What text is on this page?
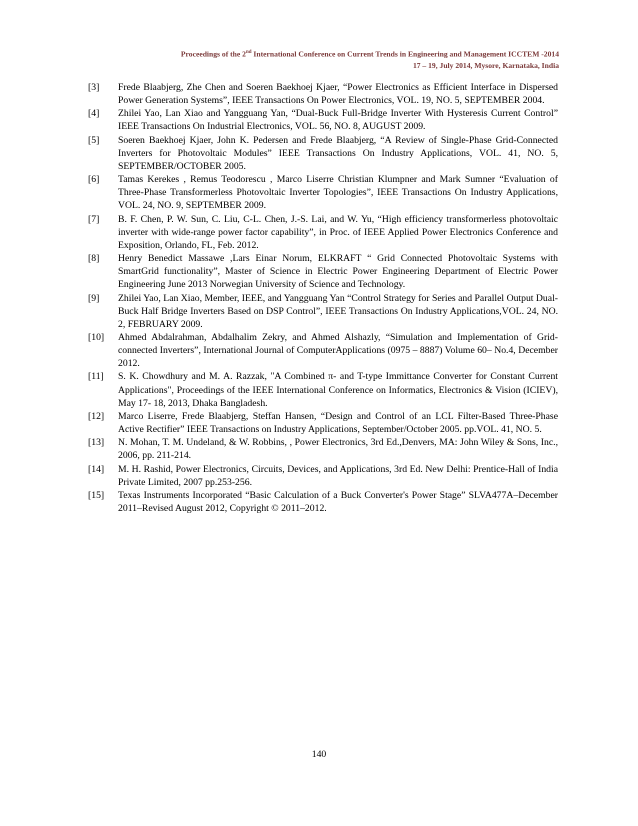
Proceedings of the 2nd International Conference on Current Trends in Engineering and Management ICCTEM -2014
17 – 19, July 2014, Mysore, Karnataka, India
[3] Frede Blaabjerg, Zhe Chen and Soeren Baekhoej Kjaer, “Power Electronics as Efficient Interface in Dispersed Power Generation Systems”, IEEE Transactions On Power Electronics, VOL. 19, NO. 5, SEPTEMBER 2004.
[4] Zhilei Yao, Lan Xiao and Yangguang Yan, “Dual-Buck Full-Bridge Inverter With Hysteresis Current Control” IEEE Transactions On Industrial Electronics, VOL. 56, NO. 8, AUGUST 2009.
[5] Soeren Baekhoej Kjaer, John K. Pedersen and Frede Blaabjerg, “A Review of Single-Phase Grid-Connected Inverters for Photovoltaic Modules” IEEE Transactions On Industry Applications, VOL. 41, NO. 5, SEPTEMBER/OCTOBER 2005.
[6] Tamas Kerekes , Remus Teodorescu , Marco Liserre Christian Klumpner and Mark Sumner “Evaluation of Three-Phase Transformerless Photovoltaic Inverter Topologies”, IEEE Transactions On Industry Applications, VOL. 24, NO. 9, SEPTEMBER 2009.
[7] B. F. Chen, P. W. Sun, C. Liu, C-L. Chen, J.-S. Lai, and W. Yu, “High efficiency transformerless photovoltaic inverter with wide-range power factor capability”, in Proc. of IEEE Applied Power Electronics Conference and Exposition, Orlando, FL, Feb. 2012.
[8] Henry Benedict Massawe ,Lars Einar Norum, ELKRAFT “ Grid Connected Photovoltaic Systems with SmartGrid functionality”, Master of Science in Electric Power Engineering Department of Electric Power Engineering June 2013 Norwegian University of Science and Technology.
[9] Zhilei Yao, Lan Xiao, Member, IEEE, and Yangguang Yan “Control Strategy for Series and Parallel Output Dual-Buck Half Bridge Inverters Based on DSP Control”, IEEE Transactions On Industry Applications,VOL. 24, NO. 2, FEBRUARY 2009.
[10] Ahmed Abdalrahman, Abdalhalim Zekry, and Ahmed Alshazly, “Simulation and Implementation of Grid-connected Inverters”, International Journal of ComputerApplications (0975 – 8887) Volume 60– No.4, December 2012.
[11] S. K. Chowdhury and M. A. Razzak, "A Combined π- and T-type Immittance Converter for Constant Current Applications", Proceedings of the IEEE International Conference on Informatics, Electronics & Vision (ICIEV), May 17- 18, 2013, Dhaka Bangladesh.
[12] Marco Liserre, Frede Blaabjerg, Steffan Hansen, “Design and Control of an LCL Filter-Based Three-Phase Active Rectifier” IEEE Transactions on Industry Applications, September/October 2005. pp.VOL. 41, NO. 5.
[13] N. Mohan, T. M. Undeland, & W. Robbins, , Power Electronics, 3rd Ed.,Denvers, MA: John Wiley & Sons, Inc., 2006, pp. 211-214.
[14] M. H. Rashid, Power Electronics, Circuits, Devices, and Applications, 3rd Ed. New Delhi: Prentice-Hall of India Private Limited, 2007 pp.253-256.
[15] Texas Instruments Incorporated “Basic Calculation of a Buck Converter's Power Stage” SLVA477A–December 2011–Revised August 2012, Copyright © 2011–2012.
140
